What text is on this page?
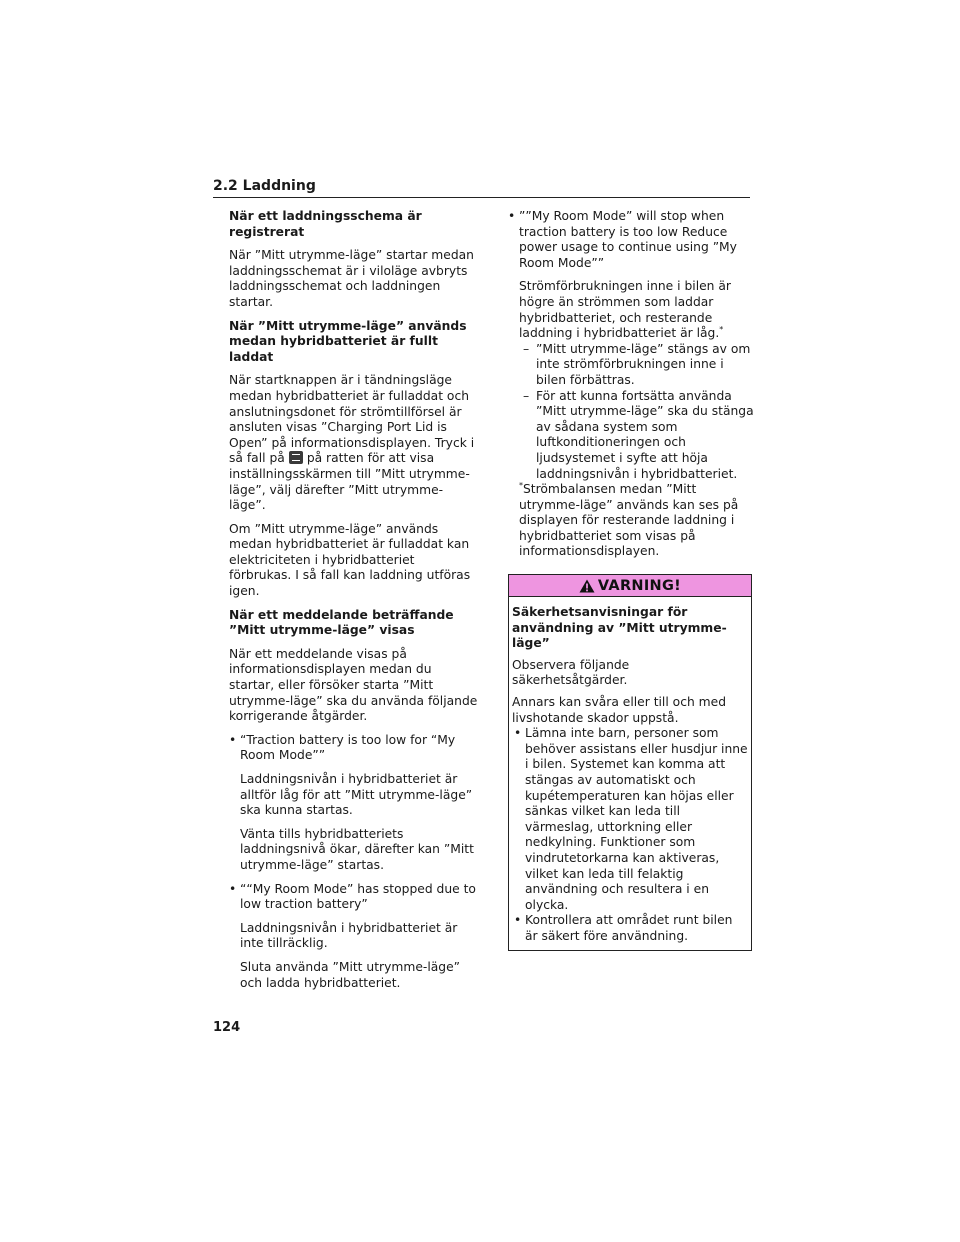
2.2 Laddning

När ett laddningsschema är registrerat

När ”Mitt utrymme-läge” startar medan laddningsschemat är i viloläge avbryts laddningsschemat och laddningen startar.

När ”Mitt utrymme-läge” används medan hybridbatteriet är fullt laddat

När startknappen är i tändningsläge medan hybridbatteriet är fulladdat och anslutningsdonet för strömtillförsel är ansluten visas ”Charging Port Lid is Open” på informationsdisplayen. Tryck i så fall på på ratten för att visa inställningsskärmen till ”Mitt utrymme-läge”, välj därefter ”Mitt utrymme-läge”.

Om ”Mitt utrymme-läge” används medan hybridbatteriet är fulladdat kan elektriciteten i hybridbatteriet förbrukas. I så fall kan laddning utföras igen.

När ett meddelande beträffande ”Mitt utrymme-läge” visas

När ett meddelande visas på informationsdisplayen medan du startar, eller försöker starta ”Mitt utrymme-läge” ska du använda följande korrigerande åtgärder.

• “Traction battery is too low for “My Room Mode””

Laddningsnivån i hybridbatteriet är alltför låg för att ”Mitt utrymme-läge” ska kunna startas.

Vänta tills hybridbatteriets laddningsnivå ökar, därefter kan ”Mitt utrymme-läge” startas.

• ““My Room Mode” has stopped due to low traction battery”

Laddningsnivån i hybridbatteriet är inte tillräcklig.

Sluta använda ”Mitt utrymme-läge” och ladda hybridbatteriet.

• ””My Room Mode” will stop when traction battery is too low Reduce power usage to continue using ”My Room Mode””

Strömförbrukningen inne i bilen är högre än strömmen som laddar hybridbatteriet, och resterande laddning i hybridbatteriet är låg.*

– ”Mitt utrymme-läge” stängs av om inte strömförbrukningen inne i bilen förbättras.
– För att kunna fortsätta använda ”Mitt utrymme-läge” ska du stänga av sådana system som luftkonditioneringen och ljudsystemet i syfte att höja laddningsnivån i hybridbatteriet.

*Strömbalansen medan ”Mitt utrymme-läge” används kan ses på displayen för resterande laddning i hybridbatteriet som visas på informationsdisplayen.

VARNING!

Säkerhetsanvisningar för användning av ”Mitt utrymme-läge”

Observera följande säkerhetsåtgärder.

Annars kan svåra eller till och med livshotande skador uppstå.

• Lämna inte barn, personer som behöver assistans eller husdjur inne i bilen. Systemet kan komma att stängas av automatiskt och kupétemperaturen kan höjas eller sänkas vilket kan leda till värmeslag, uttorkning eller nedkylning. Funktioner som vindrutetorkarna kan aktiveras, vilket kan leda till felaktig användning och resultera i en olycka.
• Kontrollera att området runt bilen är säkert före användning.
124
